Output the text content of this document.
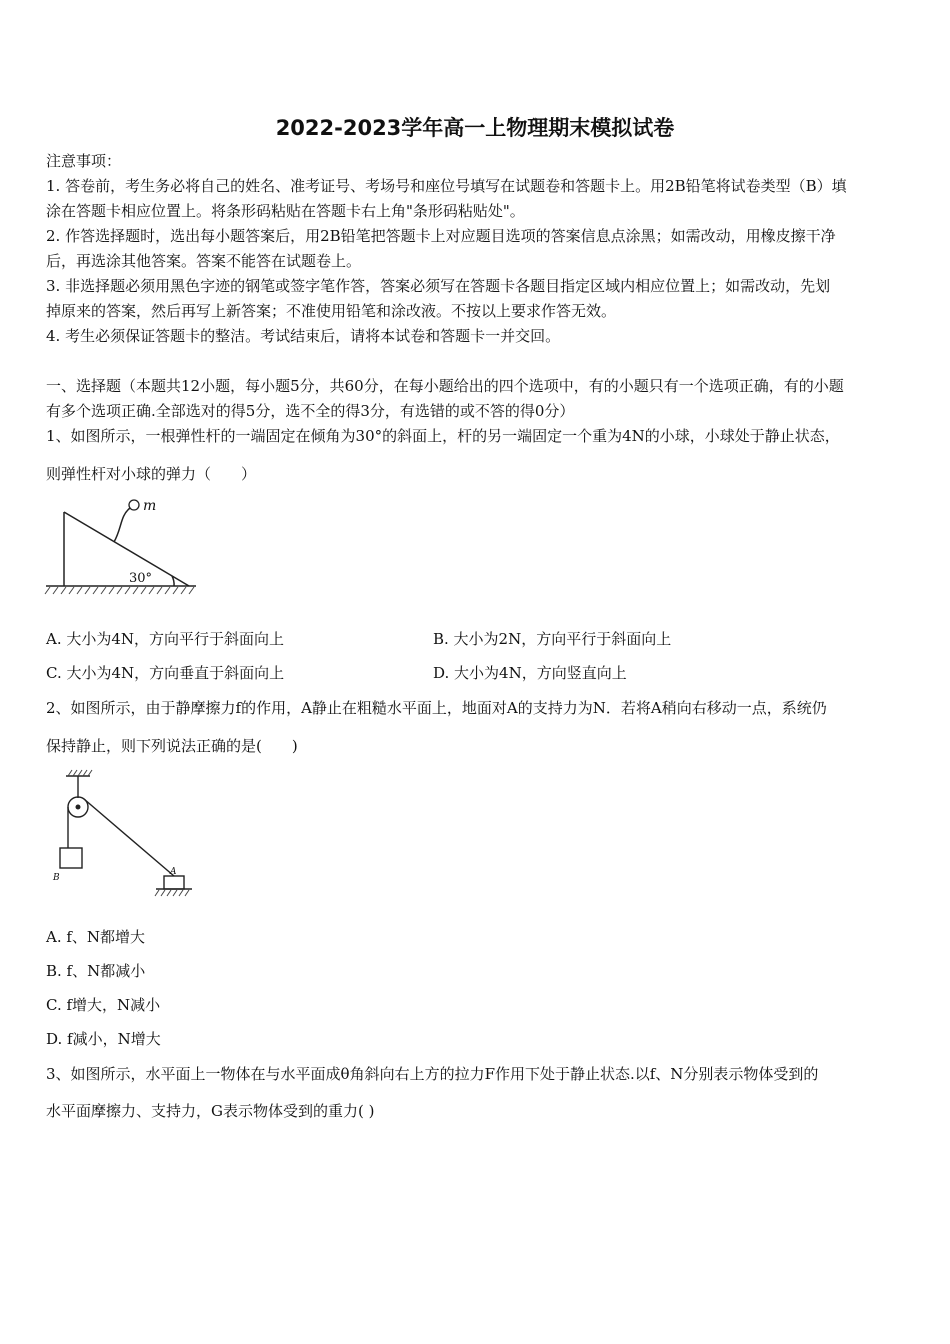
2022-2023学年高一上物理期末模拟试卷
注意事项：
1. 答卷前，考生务必将自己的姓名、准考证号、考场号和座位号填写在试题卷和答题卡上。用2B铅笔将试卷类型（B）填
涂在答题卡相应位置上。将条形码粘贴在答题卡右上角"条形码粘贴处"。
2. 作答选择题时，选出每小题答案后，用2B铅笔把答题卡上对应题目选项的答案信息点涂黑；如需改动，用橡皮擦干净
后，再选涂其他答案。答案不能答在试题卷上。
3. 非选择题必须用黑色字迹的钢笔或签字笔作答，答案必须写在答题卡各题目指定区域内相应位置上；如需改动，先划
掉原来的答案，然后再写上新答案；不准使用铅笔和涂改液。不按以上要求作答无效。
4. 考生必须保证答题卡的整洁。考试结束后，请将本试卷和答题卡一并交回。
一、选择题（本题共12小题，每小题5分，共60分，在每小题给出的四个选项中，有的小题只有一个选项正确，有的小题
有多个选项正确.全部选对的得5分，选不全的得3分，有选错的或不答的得0分）
1、如图所示，一根弹性杆的一端固定在倾角为30°的斜面上，杆的另一端固定一个重为4N的小球，小球处于静止状态，
则弹性杆对小球的弹力（　　）
m
30°
A. 大小为4N，方向平行于斜面向上	B. 大小为2N，方向平行于斜面向上
C. 大小为4N，方向垂直于斜面向上	D. 大小为4N，方向竖直向上
2、如图所示，由于静摩擦力f的作用，A静止在粗糙水平面上，地面对A的支持力为N．若将A稍向右移动一点，系统仍
保持静止，则下列说法正确的是(　　)
A
B
A. f、N都增大
B. f、N都减小
C. f增大，N减小
D. f减小，N增大
3、如图所示，水平面上一物体在与水平面成θ角斜向右上方的拉力F作用下处于静止状态.以f、N分别表示物体受到的
水平面摩擦力、支持力，G表示物体受到的重力( )
